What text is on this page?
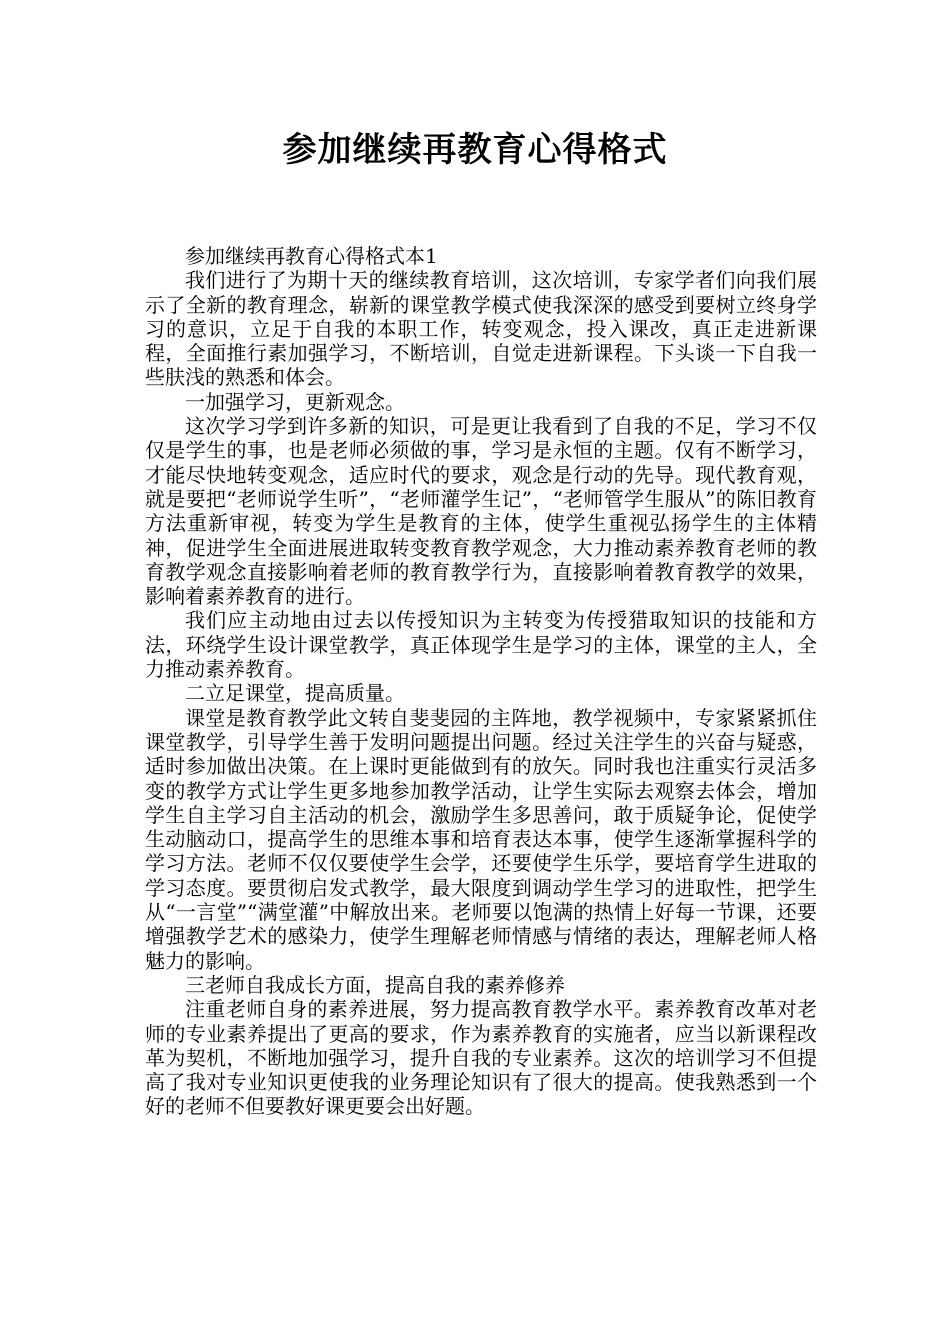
参加继续再教育心得格式

参加继续再教育心得格式本1

我们进行了为期十天的继续教育培训，这次培训，专家学者们向我们展示了全新的教育理念，崭新的课堂教学模式使我深深的感受到要树立终身学习的意识，立足于自我的本职工作，转变观念，投入课改，真正走进新课程，全面推行素加强学习，不断培训，自觉走进新课程。下头谈一下自我一些肤浅的熟悉和体会。

一加强学习，更新观念。

这次学习学到许多新的知识，可是更让我看到了自我的不足，学习不仅仅是学生的事，也是老师必须做的事，学习是永恒的主题。仅有不断学习，才能尽快地转变观念，适应时代的要求，观念是行动的先导。现代教育观，就是要把“老师说学生听”，“老师灌学生记”，“老师管学生服从”的陈旧教育方法重新审视，转变为学生是教育的主体，使学生重视弘扬学生的主体精神，促进学生全面进展进取转变教育教学观念，大力推动素养教育老师的教育教学观念直接影响着老师的教育教学行为，直接影响着教育教学的效果，影响着素养教育的进行。

我们应主动地由过去以传授知识为主转变为传授猎取知识的技能和方法，环绕学生设计课堂教学，真正体现学生是学习的主体，课堂的主人，全力推动素养教育。

二立足课堂，提高质量。

课堂是教育教学此文转自斐斐园的主阵地，教学视频中，专家紧紧抓住课堂教学，引导学生善于发明问题提出问题。经过关注学生的兴奋与疑惑，适时参加做出决策。在上课时更能做到有的放矢。同时我也注重实行灵活多变的教学方式让学生更多地参加教学活动，让学生实际去观察去体会，增加学生自主学习自主活动的机会，激励学生多思善问，敢于质疑争论，促使学生动脑动口，提高学生的思维本事和培育表达本事，使学生逐渐掌握科学的学习方法。老师不仅仅要使学生会学，还要使学生乐学，要培育学生进取的学习态度。要贯彻启发式教学，最大限度到调动学生学习的进取性，把学生从“一言堂”“满堂灌”中解放出来。老师要以饱满的热情上好每一节课，还要增强教学艺术的感染力，使学生理解老师情感与情绪的表达，理解老师人格魅力的影响。

三老师自我成长方面，提高自我的素养修养

注重老师自身的素养进展，努力提高教育教学水平。素养教育改革对老师的专业素养提出了更高的要求，作为素养教育的实施者，应当以新课程改革为契机，不断地加强学习，提升自我的专业素养。这次的培训学习不但提高了我对专业知识更使我的业务理论知识有了很大的提高。使我熟悉到一个好的老师不但要教好课更要会出好题。
